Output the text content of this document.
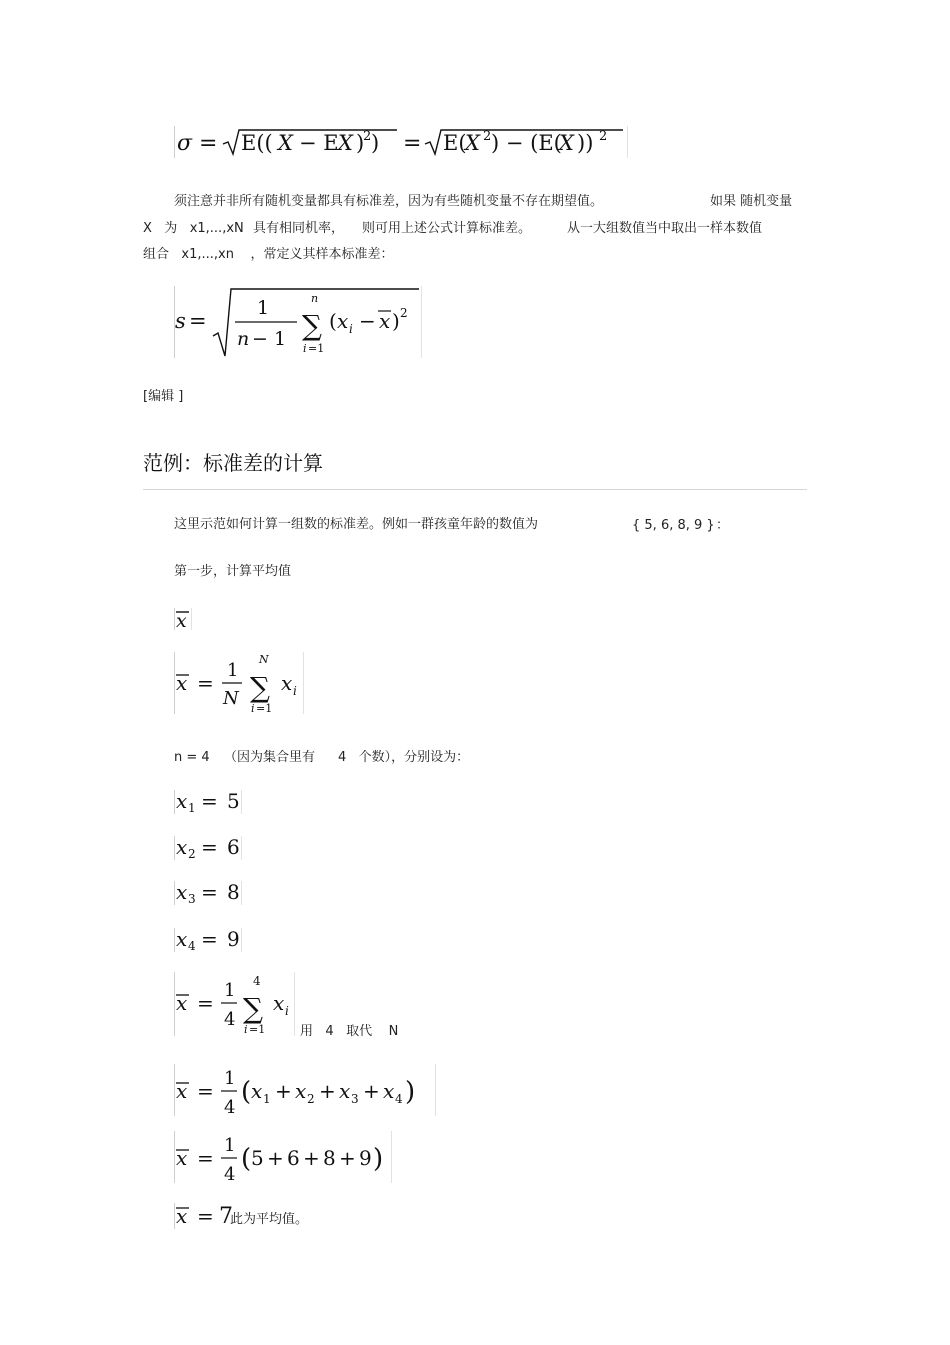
σ = E(( X − E X )
2 ) = E(
X 2 ) − (E(
X )) 2
须注意并非所有随机变量都具有标准差，因为有些随机变量不存在期望值。	如果 随机变量
X   为   x1,...,xN 具有相同机率， 则可用上述公式计算标准差。	从一大组数值当中取出一样本数值
组合   x1,...,xn    ，常定义其样本标准差：
s =
1
n − 1
n
∑
i =1
( x i − x ) 2
[编辑 ]
范例：标准差的计算
这里示范如何计算一组数的标准差。例如一群孩童年龄的数值为	{ 5, 6, 8, 9 } ：
第一步，计算平均值
x
x =
1
N
N
∑
i =1
x i
n = 4 （因为集合里有 4   个数），分别设为：
x 1 = 5
x 2 = 6
x 3 = 8
x 4 = 9
x =
1
4
4
∑
i =1
x i
用   4   取代    N
x =
1
4
( x 1 + x 2 + x 3 + x 4 )
x =
1
4
( 5 + 6 + 8 + 9 )
x = 7
此为平均值。
